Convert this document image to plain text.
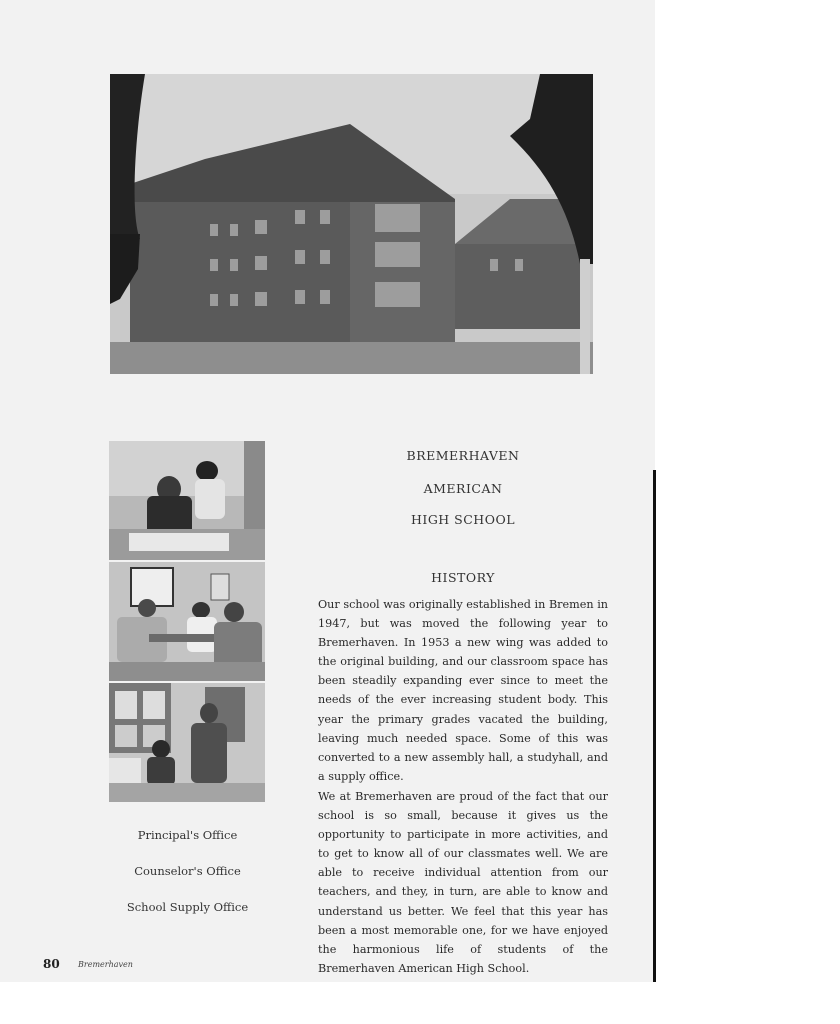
Principal's Office
Counselor's Office
School Supply Office
BREMERHAVEN
AMERICAN
HIGH SCHOOL
HISTORY

Our school was originally established in Bremen in 1947, but was moved the following year to Bremerhaven. In 1953 a new wing was added to the original building, and our classroom space has been steadily expanding ever since to meet the needs of the ever increasing student body. This year the primary grades vacated the building, leaving much needed space. Some of this was converted to a new assembly hall, a studyhall, and a supply office.

We at Bremerhaven are proud of the fact that our school is so small, because it gives us the opportunity to participate in more activities, and to get to know all of our classmates well. We are able to receive individual attention from our teachers, and they, in turn, are able to know and understand us better. We feel that this year has been a most memorable one, for we have enjoyed the harmonious life of students of the Bremerhaven American High School.

80 Bremerhaven
